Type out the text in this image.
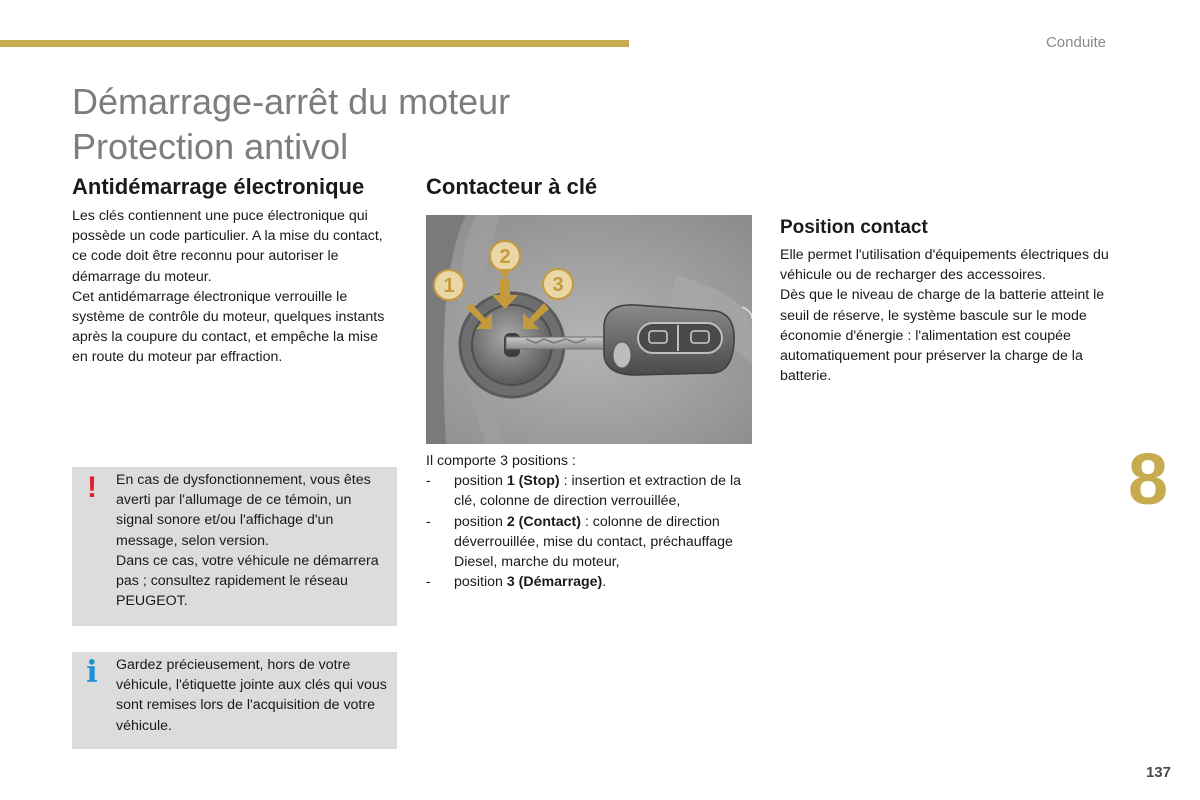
Conduite
Démarrage-arrêt du moteur
Protection antivol
Antidémarrage électronique

Les clés contiennent une puce électronique qui possède un code particulier. A la mise du contact, ce code doit être reconnu pour autoriser le démarrage du moteur.

Cet antidémarrage électronique verrouille le système de contrôle du moteur, quelques instants après la coupure du contact, et empêche la mise en route du moteur par effraction.

! En cas de dysfonctionnement, vous êtes averti par l'allumage de ce témoin, un signal sonore et/ou l'affichage d'un message, selon version.

Dans ce cas, votre véhicule ne démarrera pas ; consultez rapidement le réseau PEUGEOT.

i Gardez précieusement, hors de votre véhicule, l'étiquette jointe aux clés qui vous sont remises lors de l'acquisition de votre véhicule.

Contacteur à clé
1
2
3

Il comporte 3 positions :

- position 1 (Stop) : insertion et extraction de la clé, colonne de direction verrouillée,
- position 2 (Contact) : colonne de direction déverrouillée, mise du contact, préchauffage Diesel, marche du moteur,
- position 3 (Démarrage).
Position contact

Elle permet l'utilisation d'équipements électriques du véhicule ou de recharger des accessoires.

Dès que le niveau de charge de la batterie atteint le seuil de réserve, le système bascule sur le mode économie d'énergie : l'alimentation est coupée automatiquement pour préserver la charge de la batterie.

8
137
